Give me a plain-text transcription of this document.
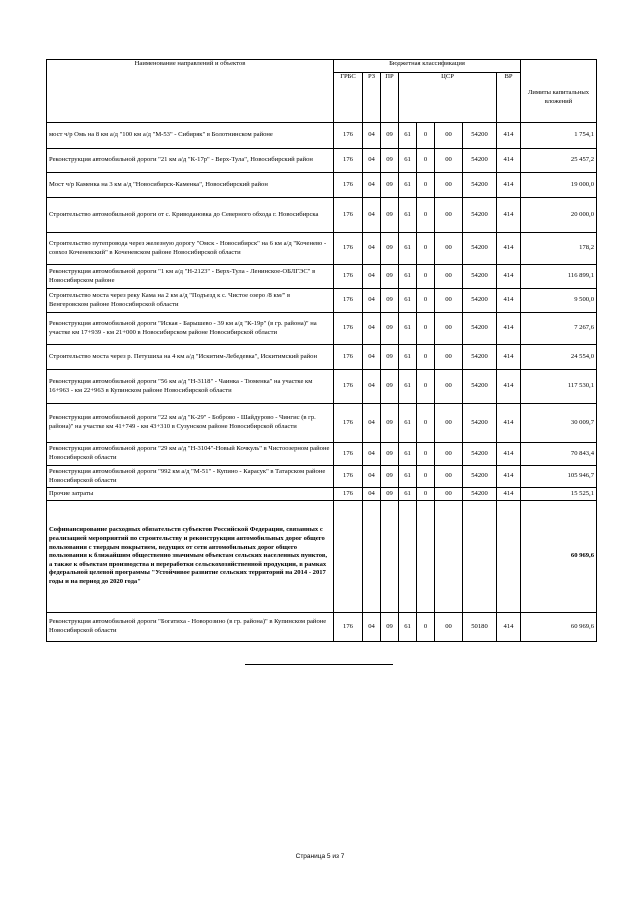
Наименование направлений и объектов	Бюджетная классификация								Лимиты капитальных вложений
	ГРБС	РЗ	ПР	ЦСР				ВР	
мост ч/р Омь на 8 км а/д "100 км а/д "М-53" - Сибиряк" в Болотнинском районе	176	04	09	61	0	00	54200	414	1 754,1
Реконструкция автомобильной дороги "21 км а/д "К-17р" - Верх-Тула", Новосибирский район	176	04	09	61	0	00	54200	414	25 457,2
Мост ч/р Каменка на 3 км а/д "Новосибирск-Каменка", Новосибирский район	176	04	09	61	0	00	54200	414	19 000,0
Строительство автомобильной дороги от с. Криводановка до Северного обхода г. Новосибирска	176	04	09	61	0	00	54200	414	20 000,0
Строительство путепровода через железную дорогу "Омск - Новосибирск" на 6 км а/д "Коченево - совхоз Коченевский" в Коченевском районе Новосибирской области	176	04	09	61	0	00	54200	414	178,2
Реконструкция автомобильной дороги "1 км а/д "Н-2123" - Верх-Тула - Ленинское-ОБЛГЭС" в Новосибирском районе	176	04	09	61	0	00	54200	414	116 899,1
Строительство моста через реку Кама на 2 км а/д "Подъезд к с. Чистое озеро /8 км/" в Венгеровском районе Новосибирской области	176	04	09	61	0	00	54200	414	9 500,0
Реконструкция автомобильной дороги "Иская - Барышево - 39 км а/д "К-19р" (в гр. района)" на участке км 17+939 - км 21+000 в Новосибирском районе Новосибирской области	176	04	09	61	0	00	54200	414	7 267,6
Строительство моста через р. Петушиха на 4 км а/д "Искитим-Лебедевка", Искитимский район	176	04	09	61	0	00	54200	414	24 554,0
Реконструкция автомобильной дороги "56 км а/д "Н-3118" - Чаинка - Тюменка" на участке км 16+963 - км 22+963 в Купинском районе Новосибирской области	176	04	09	61	0	00	54200	414	117 530,1
Реконструкция автомобильной дороги "22 км а/д "К-29" - Боброво - Шайдурово - Чингис (в гр. района)" на участке км 41+749 - км 43+310 в Сузунском районе Новосибирской области	176	04	09	61	0	00	54200	414	30 009,7
Реконструкция автомобильной дороги "29 км а/д "Н-3104"-Новый Кочкуль" в Чистоозерном районе Новосибирской области	176	04	09	61	0	00	54200	414	70 843,4
Реконструкция автомобильной дороги "992 км а/д "М-51" - Купино - Карасук" в Татарском районе Новосибирской области	176	04	09	61	0	00	54200	414	105 946,7
Прочие затраты	176	04	09	61	0	00	54200	414	15 525,1
Софинансирование расходных обязательств субъектов Российской Федерации, связанных с реализацией мероприятий по строительству и реконструкции автомобильных дорог общего пользования с твердым покрытием, ведущих от сети автомобильных дорог общего пользования к ближайшим общественно значимым объектам сельских населенных пунктов, а также к объектам производства и переработки сельскохозяйственной продукции, в рамках федеральной целевой программы "Устойчивое развитие сельских территорий на 2014 - 2017 годы и на период до 2020 года"									60 969,6
Реконструкция автомобильной дороги "Богатиха - Новорозино (в гр. района)" в Купинском районе Новосибирской области	176	04	09	61	0	00	50180	414	60 969,6
Страница 5 из 7
